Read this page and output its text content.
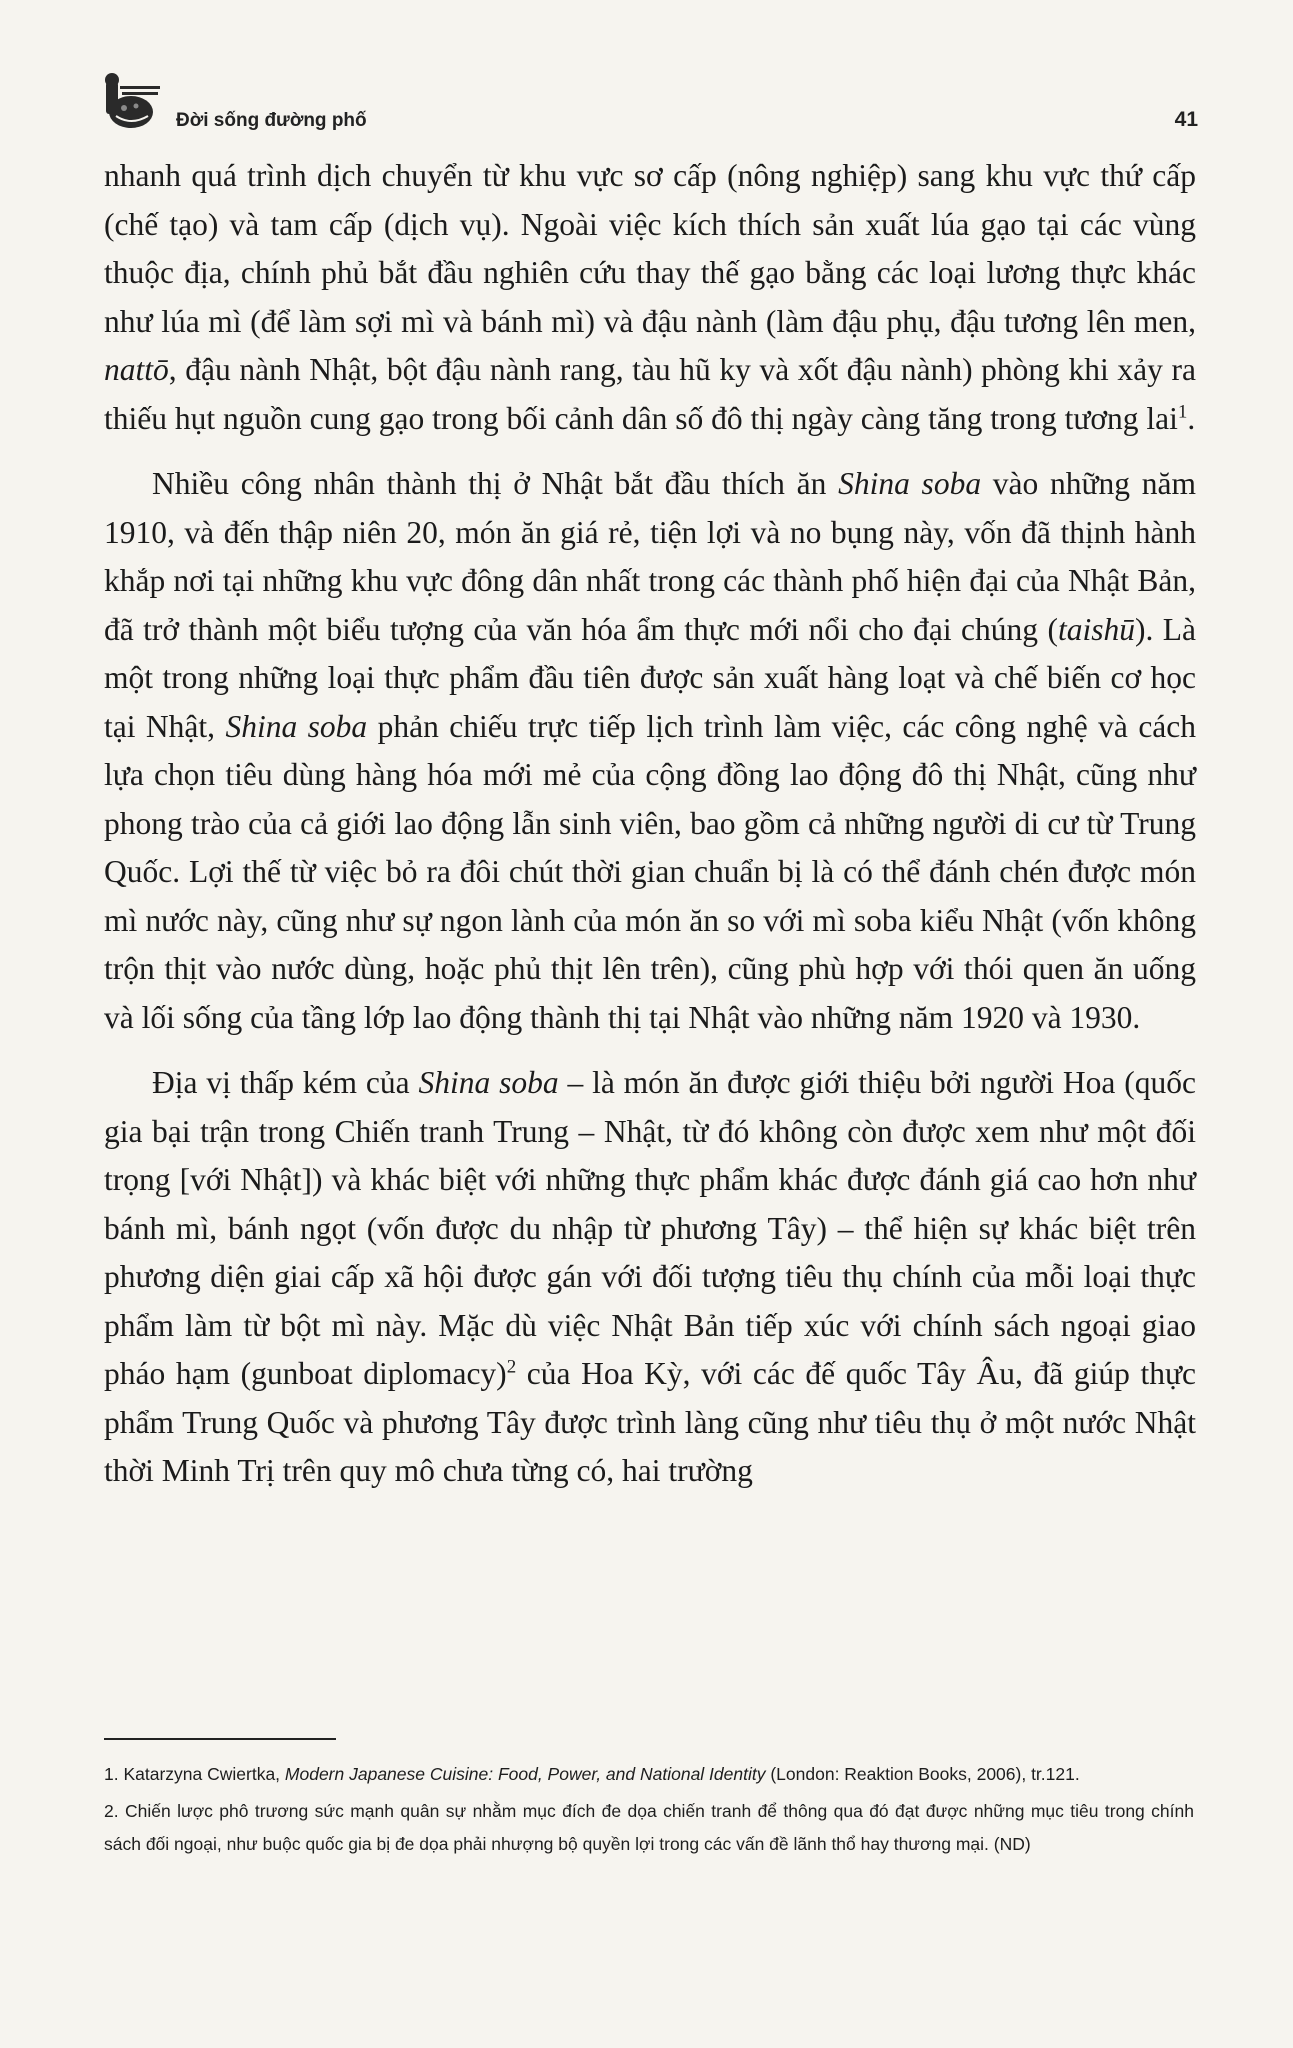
Đời sống đường phố	41

nhanh quá trình dịch chuyển từ khu vực sơ cấp (nông nghiệp) sang khu vực thứ cấp (chế tạo) và tam cấp (dịch vụ). Ngoài việc kích thích sản xuất lúa gạo tại các vùng thuộc địa, chính phủ bắt đầu nghiên cứu thay thế gạo bằng các loại lương thực khác như lúa mì (để làm sợi mì và bánh mì) và đậu nành (làm đậu phụ, đậu tương lên men, nattō, đậu nành Nhật, bột đậu nành rang, tàu hũ ky và xốt đậu nành) phòng khi xảy ra thiếu hụt nguồn cung gạo trong bối cảnh dân số đô thị ngày càng tăng trong tương lai$^1$.

Nhiều công nhân thành thị ở Nhật bắt đầu thích ăn Shina soba vào những năm 1910, và đến thập niên 20, món ăn giá rẻ, tiện lợi và no bụng này, vốn đã thịnh hành khắp nơi tại những khu vực đông dân nhất trong các thành phố hiện đại của Nhật Bản, đã trở thành một biểu tượng của văn hóa ẩm thực mới nổi cho đại chúng (taishū). Là một trong những loại thực phẩm đầu tiên được sản xuất hàng loạt và chế biến cơ học tại Nhật, Shina soba phản chiếu trực tiếp lịch trình làm việc, các công nghệ và cách lựa chọn tiêu dùng hàng hóa mới mẻ của cộng đồng lao động đô thị Nhật, cũng như phong trào của cả giới lao động lẫn sinh viên, bao gồm cả những người di cư từ Trung Quốc. Lợi thế từ việc bỏ ra đôi chút thời gian chuẩn bị là có thể đánh chén được món mì nước này, cũng như sự ngon lành của món ăn so với mì soba kiểu Nhật (vốn không trộn thịt vào nước dùng, hoặc phủ thịt lên trên), cũng phù hợp với thói quen ăn uống và lối sống của tầng lớp lao động thành thị tại Nhật vào những năm 1920 và 1930.

Địa vị thấp kém của Shina soba – là món ăn được giới thiệu bởi người Hoa (quốc gia bại trận trong Chiến tranh Trung – Nhật, từ đó không còn được xem như một đối trọng [với Nhật]) và khác biệt với những thực phẩm khác được đánh giá cao hơn như bánh mì, bánh ngọt (vốn được du nhập từ phương Tây) – thể hiện sự khác biệt trên phương diện giai cấp xã hội được gán với đối tượng tiêu thụ chính của mỗi loại thực phẩm làm từ bột mì này. Mặc dù việc Nhật Bản tiếp xúc với chính sách ngoại giao pháo hạm (gunboat diplomacy)$^2$ của Hoa Kỳ, với các đế quốc Tây Âu, đã giúp thực phẩm Trung Quốc và phương Tây được trình làng cũng như tiêu thụ ở một nước Nhật thời Minh Trị trên quy mô chưa từng có, hai trường

1. Katarzyna Cwiertka, Modern Japanese Cuisine: Food, Power, and National Identity (London: Reaktion Books, 2006), tr.121.

2. Chiến lược phô trương sức mạnh quân sự nhằm mục đích đe dọa chiến tranh để thông qua đó đạt được những mục tiêu trong chính sách đối ngoại, như buộc quốc gia bị đe dọa phải nhượng bộ quyền lợi trong các vấn đề lãnh thổ hay thương mại. (ND)
